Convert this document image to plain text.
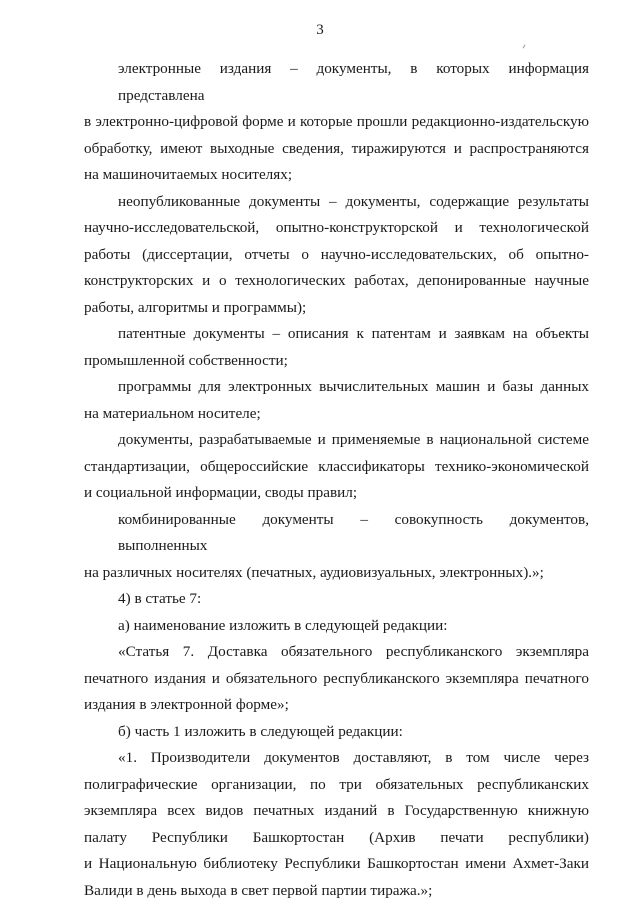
3
электронные издания – документы, в которых информация представлена
в электронно-цифровой форме и которые прошли редакционно-издательскую
обработку, имеют выходные сведения, тиражируются и распространяются
на машиночитаемых носителях;
неопубликованные документы – документы, содержащие результаты
научно-исследовательской, опытно-конструкторской и технологической
работы (диссертации, отчеты о научно-исследовательских, об опытно-
конструкторских и о технологических работах, депонированные научные
работы, алгоритмы и программы);
патентные документы – описания к патентам и заявкам на объекты
промышленной собственности;
программы для электронных вычислительных машин и базы данных
на материальном носителе;
документы, разрабатываемые и применяемые в национальной системе
стандартизации, общероссийские классификаторы технико-экономической
и социальной информации, своды правил;
комбинированные документы – совокупность документов, выполненных
на различных носителях (печатных, аудиовизуальных, электронных).»;
4) в статье 7:
а) наименование изложить в следующей редакции:
«Статья 7. Доставка обязательного республиканского экземпляра
печатного издания и обязательного республиканского экземпляра печатного
издания в электронной форме»;
б) часть 1 изложить в следующей редакции:
«1. Производители документов доставляют, в том числе через
полиграфические организации, по три обязательных республиканских
экземпляра всех видов печатных изданий в Государственную книжную
палату Республики Башкортостан (Архив печати республики)
и Национальную библиотеку Республики Башкортостан имени Ахмет-Заки
Валиди в день выхода в свет первой партии тиража.»;
